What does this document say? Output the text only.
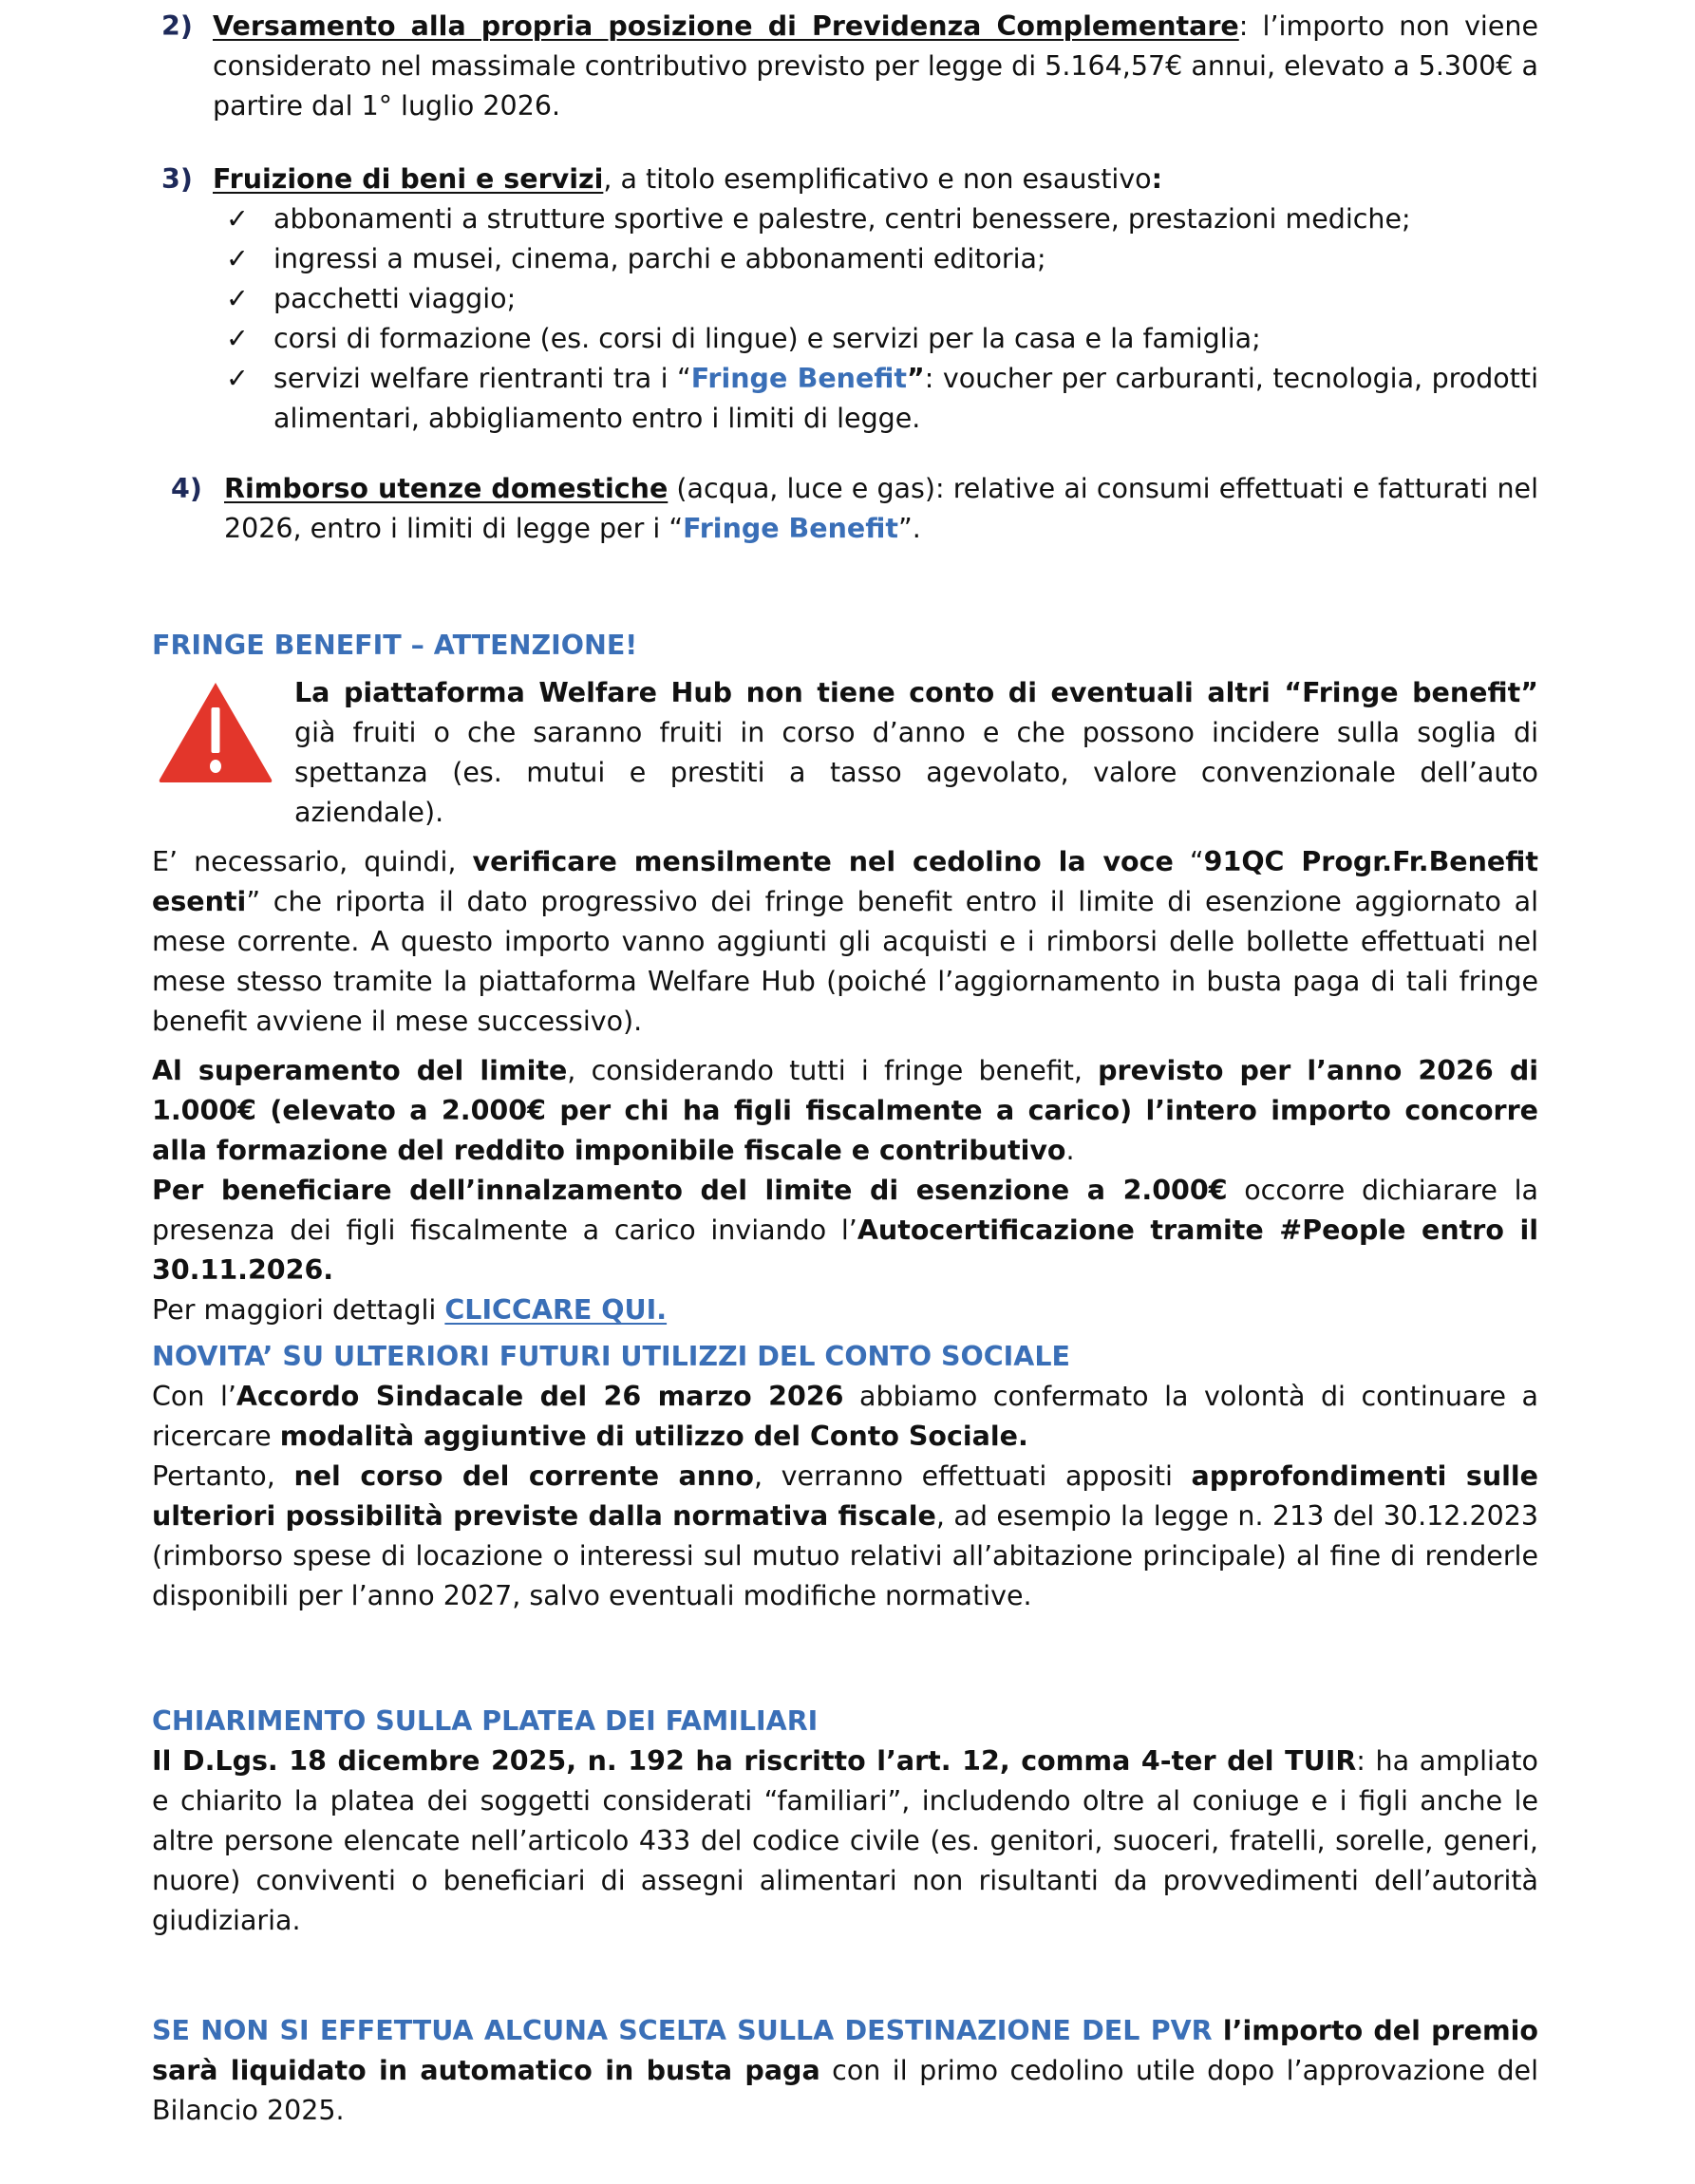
2) Versamento alla propria posizione di Previdenza Complementare: l’importo non viene considerato nel massimale contributivo previsto per legge di 5.164,57€ annui, elevato a 5.300€ a partire dal 1° luglio 2026.

3) Fruizione di beni e servizi, a titolo esemplificativo e non esaustivo:

✓ abbonamenti a strutture sportive e palestre, centri benessere, prestazioni mediche;
✓ ingressi a musei, cinema, parchi e abbonamenti editoria;
✓ pacchetti viaggio;
✓ corsi di formazione (es. corsi di lingue) e servizi per la casa e la famiglia;
✓ servizi welfare rientranti tra i “Fringe Benefit”: voucher per carburanti, tecnologia, prodotti alimentari, abbigliamento entro i limiti di legge.
4) Rimborso utenze domestiche (acqua, luce e gas): relative ai consumi effettuati e fatturati nel 2026, entro i limiti di legge per i “Fringe Benefit”.

FRINGE BENEFIT – ATTENZIONE!

La piattaforma Welfare Hub non tiene conto di eventuali altri “Fringe benefit” già fruiti o che saranno fruiti in corso d’anno e che possono incidere sulla soglia di spettanza (es. mutui e prestiti a tasso agevolato, valore convenzionale dell’auto aziendale).

E’ necessario, quindi, verificare mensilmente nel cedolino la voce “91QC Progr.Fr.Benefit esenti” che riporta il dato progressivo dei fringe benefit entro il limite di esenzione aggiornato al mese corrente. A questo importo vanno aggiunti gli acquisti e i rimborsi delle bollette effettuati nel mese stesso tramite la piattaforma Welfare Hub (poiché l’aggiornamento in busta paga di tali fringe benefit avviene il mese successivo).

Al superamento del limite, considerando tutti i fringe benefit, previsto per l’anno 2026 di 1.000€ (elevato a 2.000€ per chi ha figli fiscalmente a carico) l’intero importo concorre alla formazione del reddito imponibile fiscale e contributivo.

Per beneficiare dell’innalzamento del limite di esenzione a 2.000€ occorre dichiarare la presenza dei figli fiscalmente a carico inviando l’Autocertificazione tramite #People entro il 30.11.2026.

Per maggiori dettagli CLICCARE QUI.

NOVITA’ SU ULTERIORI FUTURI UTILIZZI DEL CONTO SOCIALE

Con l’Accordo Sindacale del 26 marzo 2026 abbiamo confermato la volontà di continuare a ricercare modalità aggiuntive di utilizzo del Conto Sociale.

Pertanto, nel corso del corrente anno, verranno effettuati appositi approfondimenti sulle ulteriori possibilità previste dalla normativa fiscale, ad esempio la legge n. 213 del 30.12.2023 (rimborso spese di locazione o interessi sul mutuo relativi all’abitazione principale) al fine di renderle disponibili per l’anno 2027, salvo eventuali modifiche normative.

CHIARIMENTO SULLA PLATEA DEI FAMILIARI

Il D.Lgs. 18 dicembre 2025, n. 192 ha riscritto l’art. 12, comma 4-ter del TUIR: ha ampliato e chiarito la platea dei soggetti considerati “familiari”, includendo oltre al coniuge e i figli anche le altre persone elencate nell’articolo 433 del codice civile (es. genitori, suoceri, fratelli, sorelle, generi, nuore) conviventi o beneficiari di assegni alimentari non risultanti da provvedimenti dell’autorità giudiziaria.

SE NON SI EFFETTUA ALCUNA SCELTA SULLA DESTINAZIONE DEL PVR l’importo del premio sarà liquidato in automatico in busta paga con il primo cedolino utile dopo l’approvazione del Bilancio 2025.
